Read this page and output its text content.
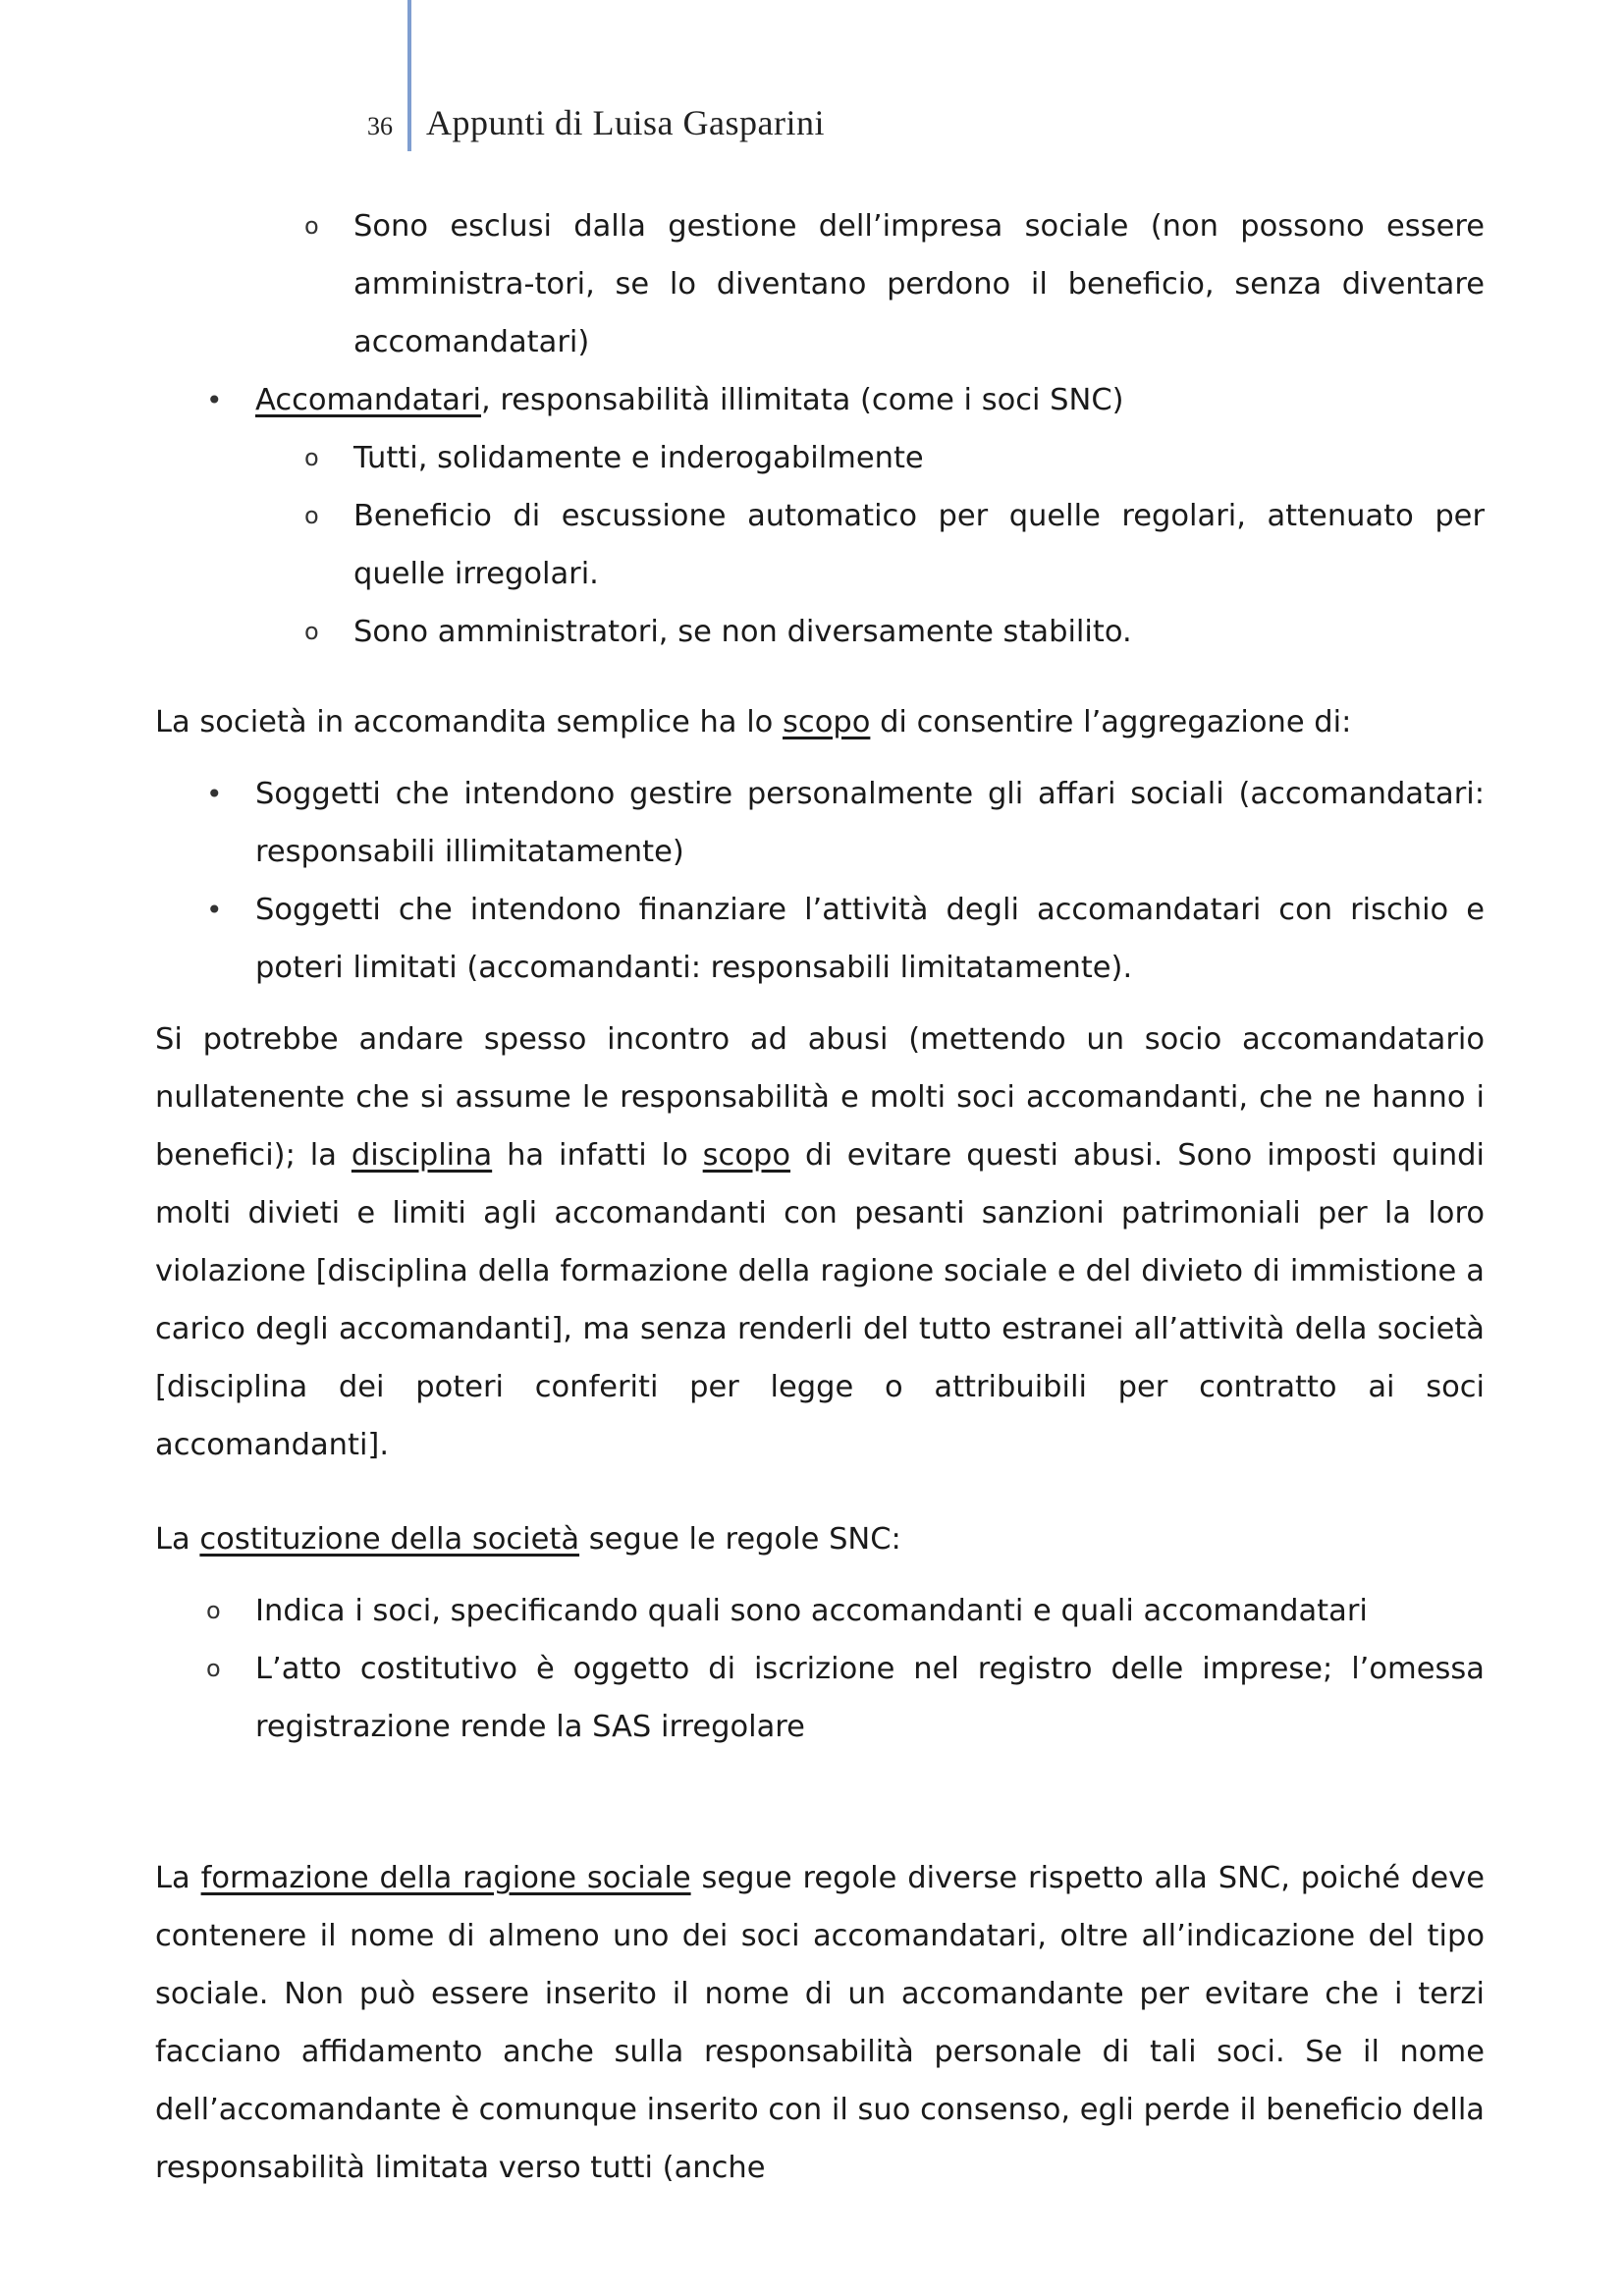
36 Appunti di Luisa Gasparini
o Sono esclusi dalla gestione dell’impresa sociale (non possono essere amministra-tori, se lo diventano perdono il beneficio, senza diventare accomandatari)
• Accomandatari, responsabilità illimitata (come i soci SNC)
o Tutti, solidamente e inderogabilmente
o Beneficio di escussione automatico per quelle regolari, attenuato per quelle irregolari.
o Sono amministratori, se non diversamente stabilito.

La società in accomandita semplice ha lo scopo di consentire l’aggregazione di:

• Soggetti che intendono gestire personalmente gli affari sociali (accomandatari: responsabili illimitatamente)
• Soggetti che intendono finanziare l’attività degli accomandatari con rischio e poteri limitati (accomandanti: responsabili limitatamente).

Si potrebbe andare spesso incontro ad abusi (mettendo un socio accomandatario nullatenente che si assume le responsabilità e molti soci accomandanti, che ne hanno i benefici); la disciplina ha infatti lo scopo di evitare questi abusi. Sono imposti quindi molti divieti e limiti agli accomandanti con pesanti sanzioni patrimoniali per la loro violazione [disciplina della formazione della ragione sociale e del divieto di immistione a carico degli accomandanti], ma senza renderli del tutto estranei all’attività della società [disciplina dei poteri conferiti per legge o attribuibili per contratto ai soci accomandanti].

La costituzione della società segue le regole SNC:

o Indica i soci, specificando quali sono accomandanti e quali accomandatari
o L’atto costitutivo è oggetto di iscrizione nel registro delle imprese; l’omessa registrazione rende la SAS irregolare

La formazione della ragione sociale segue regole diverse rispetto alla SNC, poiché deve contenere il nome di almeno uno dei soci accomandatari, oltre all’indicazione del tipo sociale. Non può essere inserito il nome di un accomandante per evitare che i terzi facciano affidamento anche sulla responsabilità personale di tali soci. Se il nome dell’accomandante è comunque inserito con il suo consenso, egli perde il beneficio della responsabilità limitata verso tutti (anche
